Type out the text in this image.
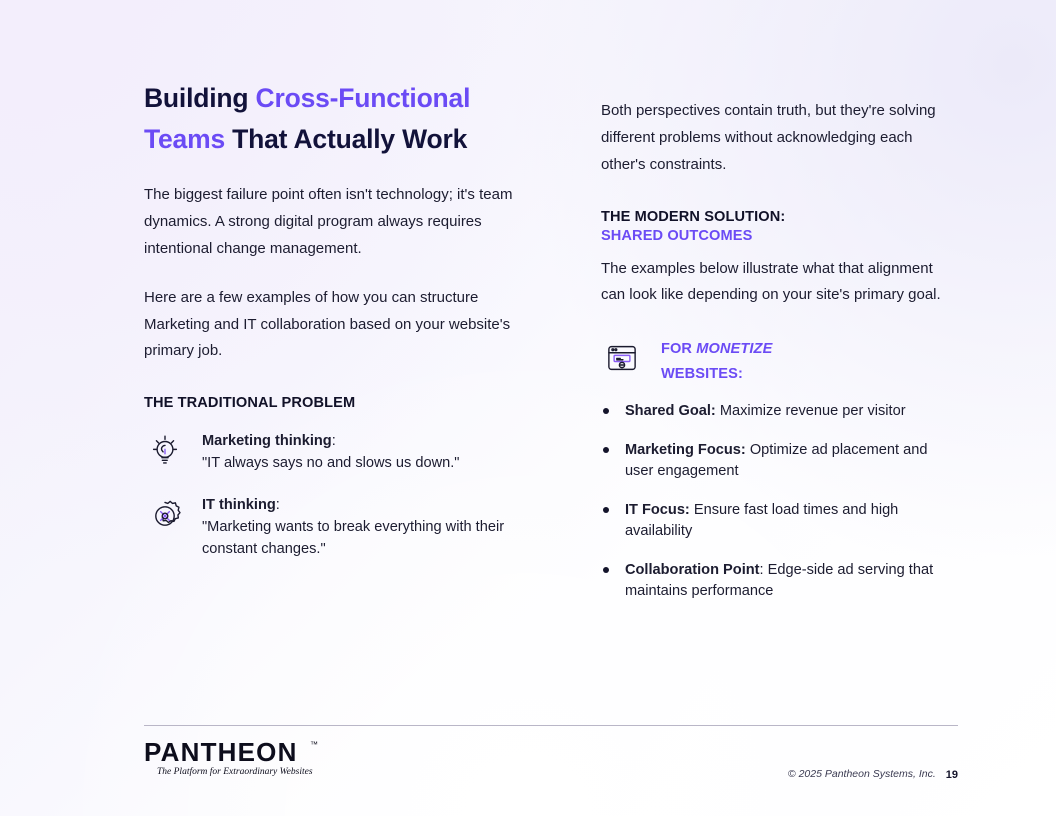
Building Cross-Functional Teams That Actually Work

The biggest failure point often isn't technology; it's team dynamics. A strong digital program always requires intentional change management.

Here are a few examples of how you can structure Marketing and IT collaboration based on your website's primary job.

THE TRADITIONAL PROBLEM
Marketing thinking:
"IT always says no and slows us down."
IT thinking:
"Marketing wants to break everything with their constant changes."

Both perspectives contain truth, but they're solving different problems without acknowledging each other's constraints.

THE MODERN SOLUTION:
SHARED OUTCOMES

The examples below illustrate what that alignment can look like depending on your site's primary goal.

FOR MONETIZE
WEBSITES:
Shared Goal: Maximize revenue per visitor
Marketing Focus: Optimize ad placement and user engagement
IT Focus: Ensure fast load times and high availability
Collaboration Point: Edge-side ad serving that maintains performance
PANTHEON ™
The Platform for Extraordinary Websites	© 2025 Pantheon Systems, Inc. 19
